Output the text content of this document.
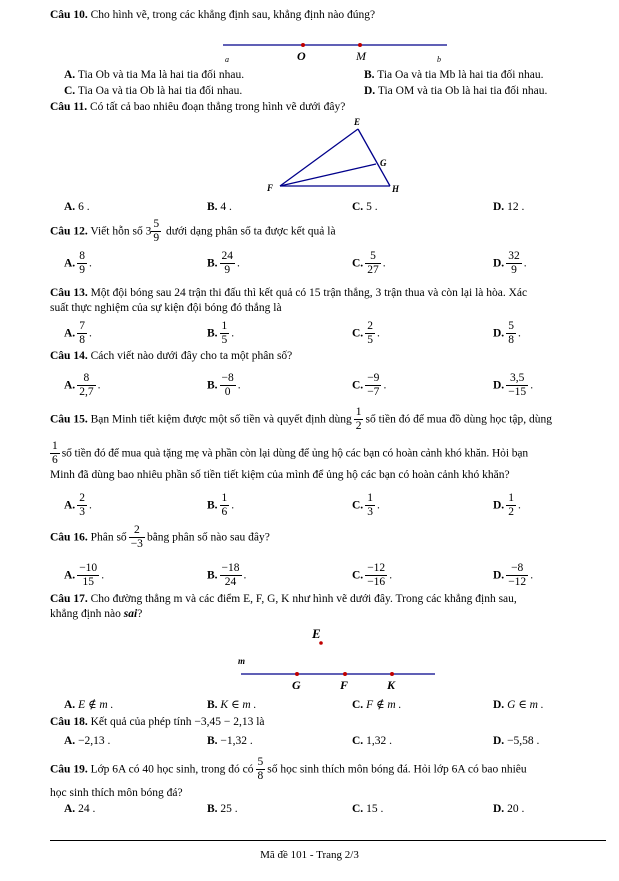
Câu 10. Cho hình vẽ, trong các khẳng định sau, khẳng định nào đúng?
a	O	M	b
A. Tia Ob và tia Ma là hai tia đối nhau.	B. Tia Oa và tia Mb là hai tia đối nhau.
C. Tia Oa và tia Ob là hai tia đối nhau.	D. Tia OM và tia Ob là hai tia đối nhau.
Câu 11. Có tất cả bao nhiêu đoạn thẳng trong hình vẽ dưới đây?
E
G
F	H
A. 6 .	B. 4 .	C. 5 .	D. 12 .
Câu 12. Viết hỗn số $3 \frac{5}{9}$ dưới dạng phân số ta được kết quả là
A. $\frac{8}{9}$ .	B. $\frac{24}{9}$ .	C. $\frac{5}{27}$ .	D. $\frac{32}{9}$ .
Câu 13. Một đội bóng sau 24 trận thi đấu thì kết quả có 15 trận thắng, 3 trận thua và còn lại là hòa. Xác
suất thực nghiệm của sự kiện đội bóng đó thắng là
A. $\frac{7}{8}$ .	B. $\frac{1}{5}$ .	C. $\frac{2}{5}$ .	D. $\frac{5}{8}$ .
Câu 14. Cách viết nào dưới đây cho ta một phân số?
A. $\frac{8}{2,7}$ .	B. $\frac{-8}{0}$ .	C. $\frac{-9}{-7}$ .	D. $\frac{3,5}{-15}$ .
Câu 15. Bạn Minh tiết kiệm được một số tiền và quyết định dùng $\frac{1}{2}$ số tiền đó để mua đồ dùng học tập, dùng
$\frac{1}{6}$ số tiền đó để mua quà tặng mẹ và phần còn lại dùng để ủng hộ các bạn có hoàn cảnh khó khăn. Hỏi bạn
Minh đã dùng bao nhiêu phần số tiền tiết kiệm của mình để ủng hộ các bạn có hoàn cảnh khó khăn?
A. $\frac{2}{3}$ .	B. $\frac{1}{6}$ .	C. $\frac{1}{3}$ .	D. $\frac{1}{2}$ .
Câu 16. Phân số $\frac{2}{-3}$ bằng phân số nào sau đây?
A. $\frac{-10}{15}$ .	B. $\frac{-18}{24}$ .	C. $\frac{-12}{-16}$ .	D. $\frac{-8}{-12}$ .
Câu 17. Cho đường thẳng m và các điểm E, F, G, K như hình vẽ dưới đây. Trong các khẳng định sau,
khẳng định nào sai?
E
m
G	F	K
A. E ∉ m .	B. K ∈ m .	C. F ∉ m .	D. G ∈ m .
Câu 18. Kết quả của phép tính −3,45 − 2,13 là
A. −2,13 .	B. −1,32 .	C. 1,32 .	D. −5,58 .
Câu 19. Lớp 6A có 40 học sinh, trong đó có $\frac{5}{8}$ số học sinh thích môn bóng đá. Hỏi lớp 6A có bao nhiêu
học sinh thích môn bóng đá?
A. 24 .	B. 25 .	C. 15 .	D. 20 .
Mã đề 101 - Trang 2/3
